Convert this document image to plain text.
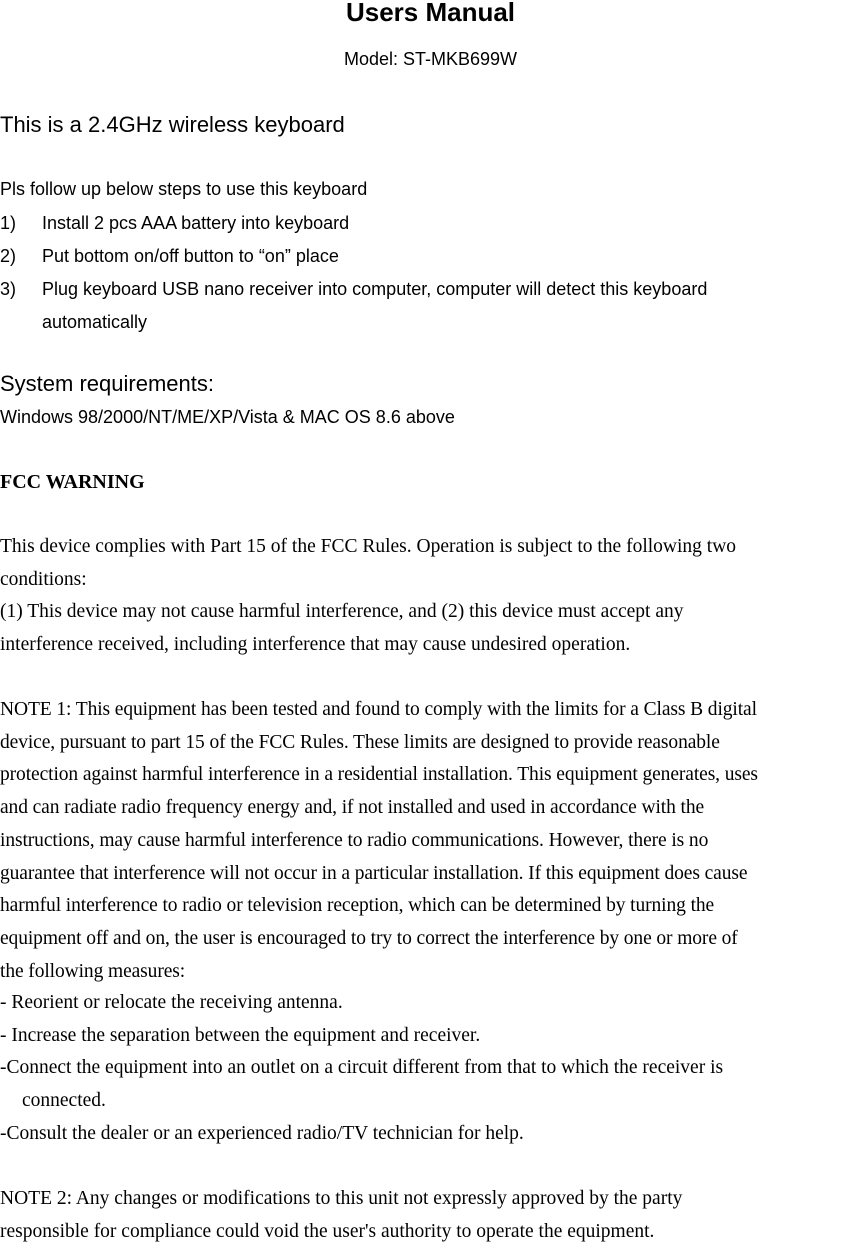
Users Manual
Model: ST-MKB699W
This is a 2.4GHz wireless keyboard
Pls follow up below steps to use this keyboard
1) Install 2 pcs AAA battery into keyboard
2) Put bottom on/off button to “on” place
3) Plug keyboard USB nano receiver into computer, computer will detect this keyboard
automatically
System requirements:
Windows 98/2000/NT/ME/XP/Vista & MAC OS 8.6 above
FCC WARNING

This device complies with Part 15 of the FCC Rules. Operation is subject to the following two
conditions:

(1) This device may not cause harmful interference, and (2) this device must accept any
interference received, including interference that may cause undesired operation.

NOTE 1: This equipment has been tested and found to comply with the limits for a Class B digital
device, pursuant to part 15 of the FCC Rules. These limits are designed to provide reasonable
protection against harmful interference in a residential installation. This equipment generates, uses
and can radiate radio frequency energy and, if not installed and used in accordance with the
instructions, may cause harmful interference to radio communications. However, there is no
guarantee that interference will not occur in a particular installation. If this equipment does cause
harmful interference to radio or television reception, which can be determined by turning the
equipment off and on, the user is encouraged to try to correct the interference by one or more of
the following measures:

- Reorient or relocate the receiving antenna.
- Increase the separation between the equipment and receiver.
-Connect the equipment into an outlet on a circuit different from that to which the receiver is
connected.
-Consult the dealer or an experienced radio/TV technician for help.

NOTE 2: Any changes or modifications to this unit not expressly approved by the party
responsible for compliance could void the user's authority to operate the equipment.
